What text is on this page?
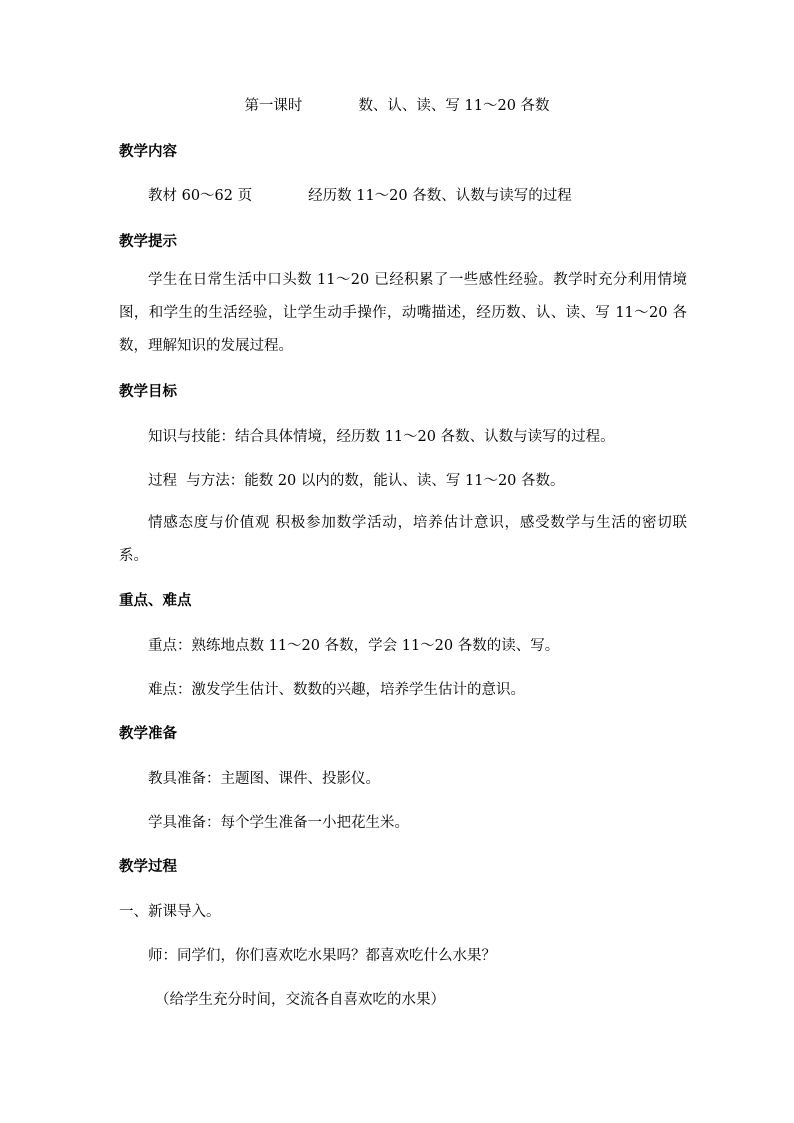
第一课时	数、认、读、写 11～20 各数
教学内容
教材 60～62 页	经历数 11～20 各数、认数与读写的过程
教学提示
学生在日常生活中口头数 11～20 已经积累了一些感性经验。教学时充分利用情境图，和学生的生活经验，让学生动手操作，动嘴描述，经历数、认、读、写 11～20 各数，理解知识的发展过程。
教学目标
知识与技能：结合具体情境，经历数 11～20 各数、认数与读写的过程。
过程  与方法：能数 20 以内的数，能认、读、写 11～20 各数。
情感态度与价值观 积极参加数学活动，培养估计意识，感受数学与生活的密切联系。
重点、难点
重点：熟练地点数 11～20 各数，学会 11～20 各数的读、写。
难点：激发学生估计、数数的兴趣，培养学生估计的意识。
教学准备
教具准备：主题图、课件、投影仪。
学具准备：每个学生准备一小把花生米。
教学过程
一、新课导入。
师：同学们，你们喜欢吃水果吗？都喜欢吃什么水果？
（给学生充分时间，交流各自喜欢吃的水果）
